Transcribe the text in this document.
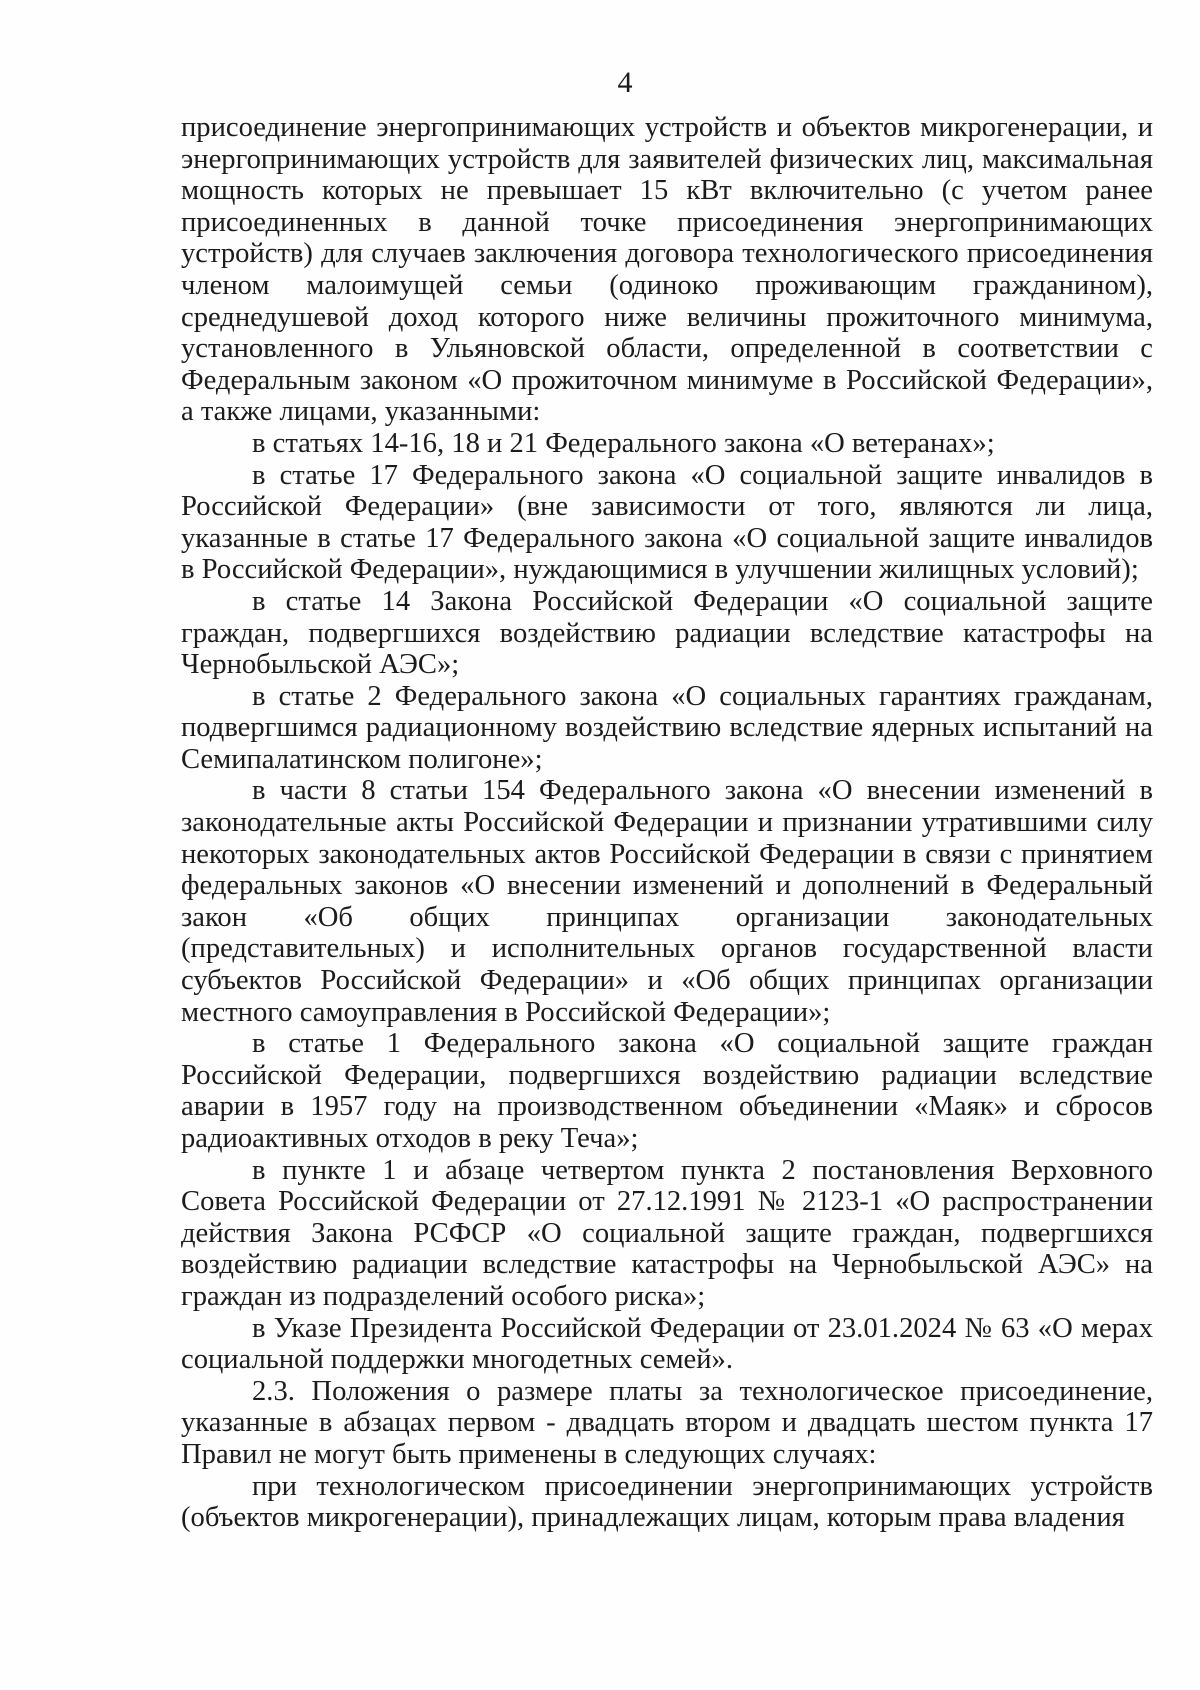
4

присоединение энергопринимающих устройств и объектов микрогенерации, и энергопринимающих устройств для заявителей физических лиц, максимальная мощность которых не превышает 15 кВт включительно (с учетом ранее присоединенных в данной точке присоединения энергопринимающих устройств) для случаев заключения договора технологического присоединения членом малоимущей семьи (одиноко проживающим гражданином), среднедушевой доход которого ниже величины прожиточного минимума, установленного в Ульяновской области, определенной в соответствии с Федеральным законом «О прожиточном минимуме в Российской Федерации», а также лицами, указанными:

в статьях 14-16, 18 и 21 Федерального закона «О ветеранах»;

в статье 17 Федерального закона «О социальной защите инвалидов в Российской Федерации» (вне зависимости от того, являются ли лица, указанные в статье 17 Федерального закона «О социальной защите инвалидов в Российской Федерации», нуждающимися в улучшении жилищных условий);

в статье 14 Закона Российской Федерации «О социальной защите граждан, подвергшихся воздействию радиации вследствие катастрофы на Чернобыльской АЭС»;

в статье 2 Федерального закона «О социальных гарантиях гражданам, подвергшимся радиационному воздействию вследствие ядерных испытаний на Семипалатинском полигоне»;

в части 8 статьи 154 Федерального закона «О внесении изменений в законодательные акты Российской Федерации и признании утратившими силу некоторых законодательных актов Российской Федерации в связи с принятием федеральных законов «О внесении изменений и дополнений в Федеральный закон «Об общих принципах организации законодательных (представительных) и исполнительных органов государственной власти субъектов Российской Федерации» и «Об общих принципах организации местного самоуправления в Российской Федерации»;

в статье 1 Федерального закона «О социальной защите граждан Российской Федерации, подвергшихся воздействию радиации вследствие аварии в 1957 году на производственном объединении «Маяк» и сбросов радиоактивных отходов в реку Теча»;

в пункте 1 и абзаце четвертом пункта 2 постановления Верховного Совета Российской Федерации от 27.12.1991 № 2123-1 «О распространении действия Закона РСФСР «О социальной защите граждан, подвергшихся воздействию радиации вследствие катастрофы на Чернобыльской АЭС» на граждан из подразделений особого риска»;

в Указе Президента Российской Федерации от 23.01.2024 № 63 «О мерах социальной поддержки многодетных семей».

2.3. Положения о размере платы за технологическое присоединение, указанные в абзацах первом - двадцать втором и двадцать шестом пункта 17 Правил не могут быть применены в следующих случаях:

при технологическом присоединении энергопринимающих устройств (объектов микрогенерации), принадлежащих лицам, которым права владения
